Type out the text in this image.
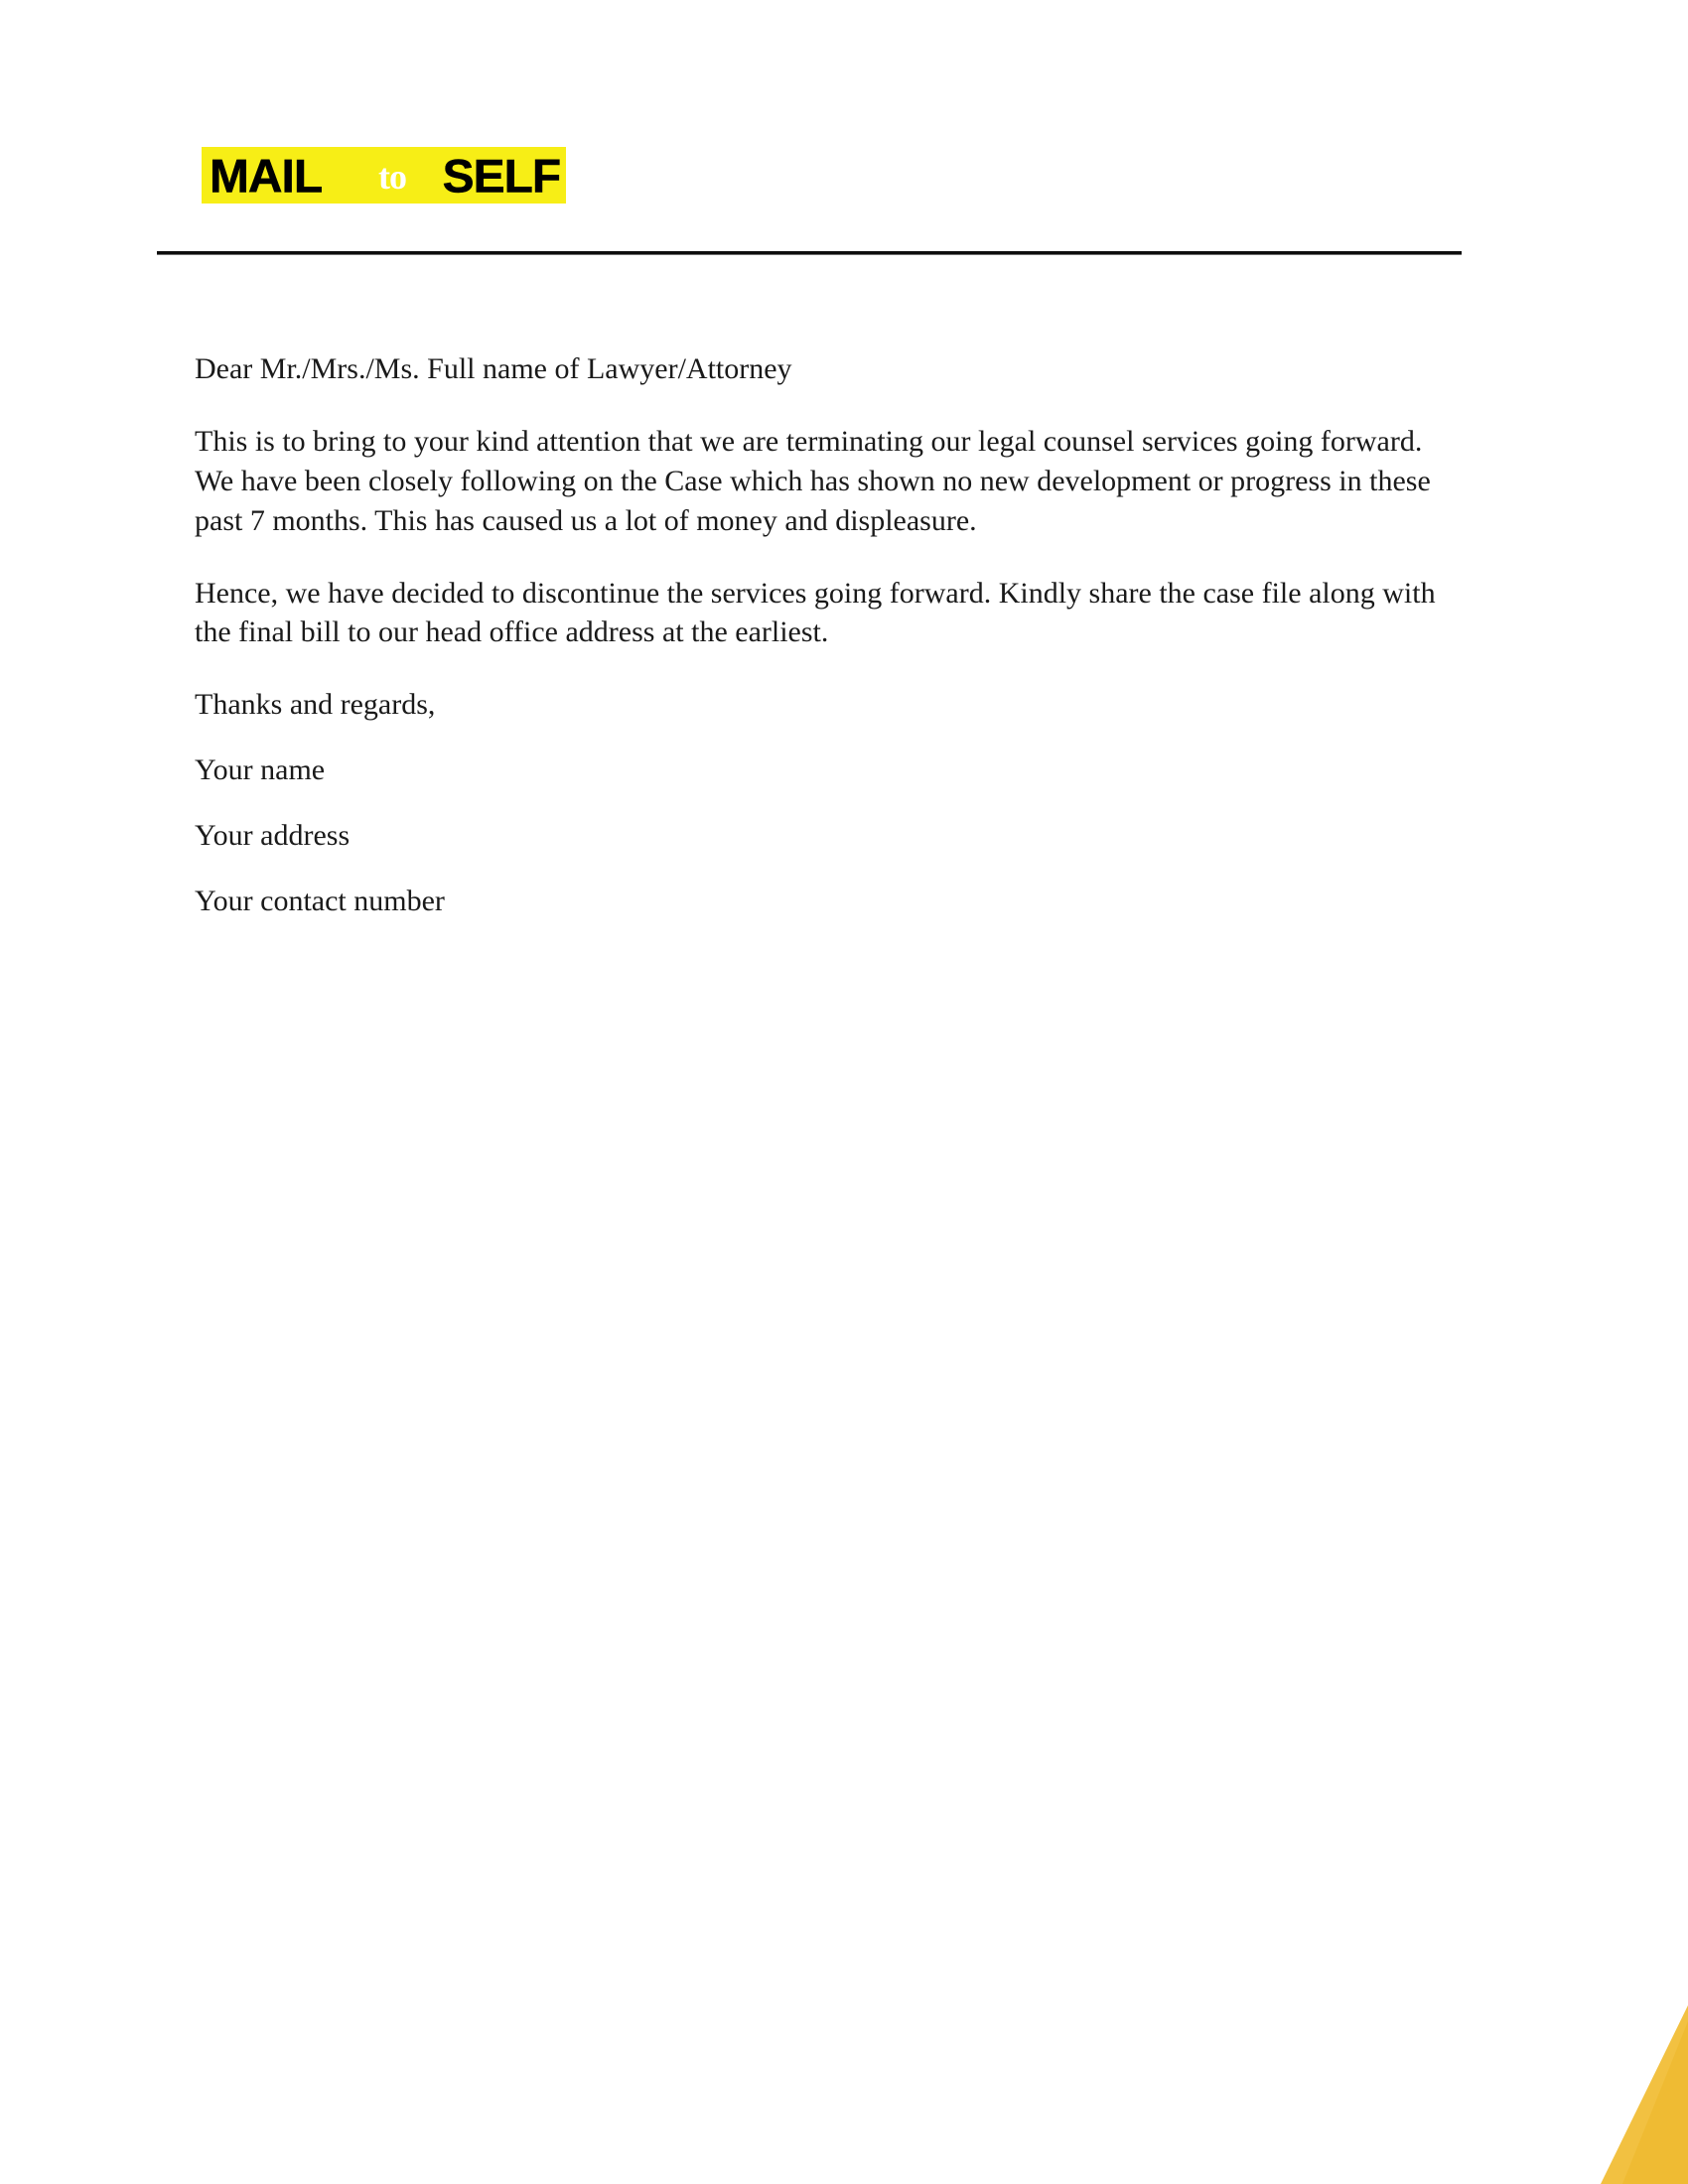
MAIL to SELF

Dear Mr./Mrs./Ms. Full name of Lawyer/Attorney

This is to bring to your kind attention that we are terminating our legal counsel services going forward. We have been closely following on the Case which has shown no new development or progress in these past 7 months. This has caused us a lot of money and displeasure.

Hence, we have decided to discontinue the services going forward. Kindly share the case file along with the final bill to our head office address at the earliest.

Thanks and regards,

Your name

Your address

Your contact number
